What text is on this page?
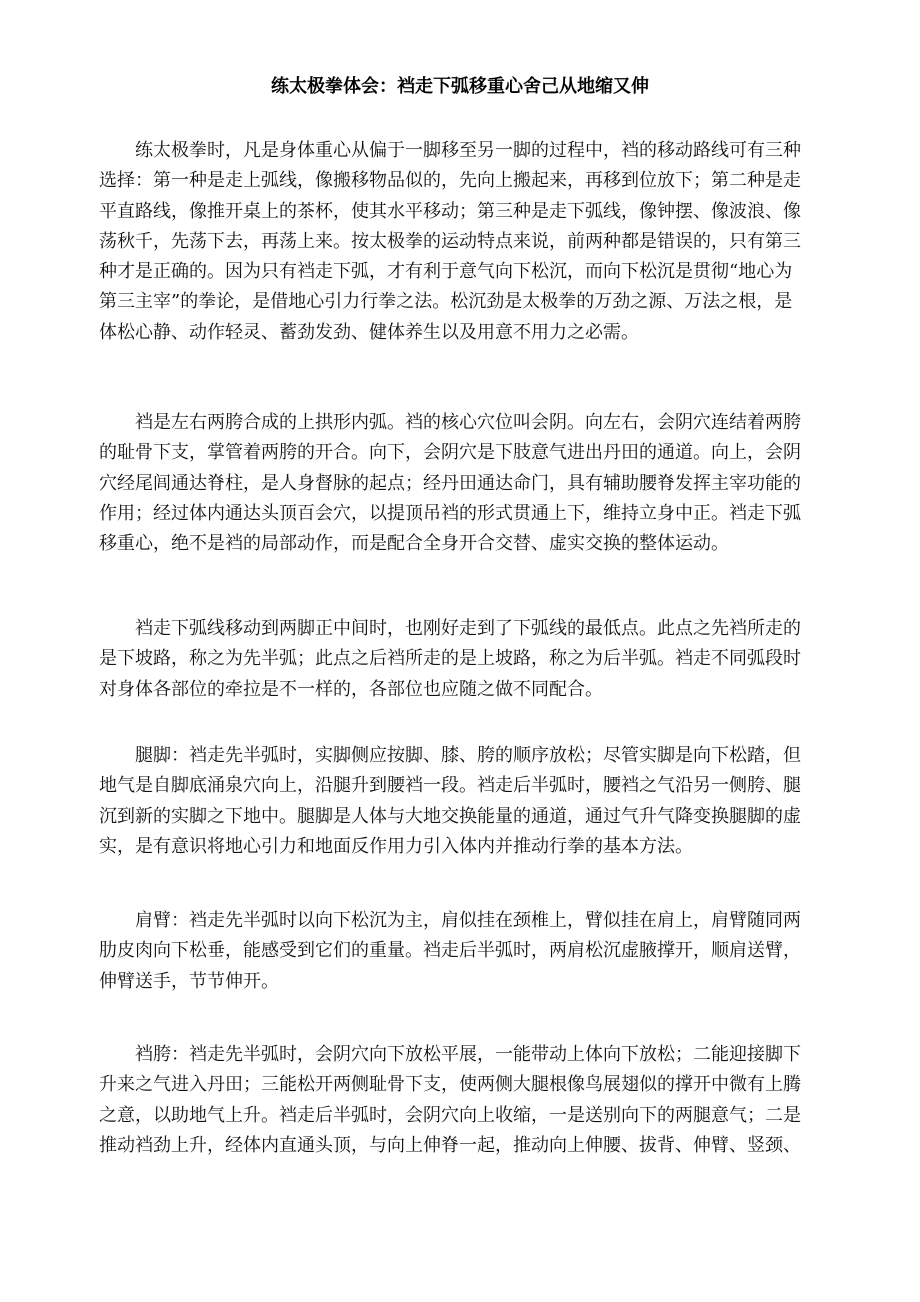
练太极拳体会：裆走下弧移重心舍己从地缩又伸

练太极拳时，凡是身体重心从偏于一脚移至另一脚的过程中，裆的移动路线可有三种
选择：第一种是走上弧线，像搬移物品似的，先向上搬起来，再移到位放下；第二种是走
平直路线，像推开桌上的茶杯，使其水平移动；第三种是走下弧线，像钟摆、像波浪、像
荡秋千，先荡下去，再荡上来。按太极拳的运动特点来说，前两种都是错误的，只有第三
种才是正确的。因为只有裆走下弧，才有利于意气向下松沉，而向下松沉是贯彻“地心为
第三主宰”的拳论，是借地心引力行拳之法。松沉劲是太极拳的万劲之源、万法之根，是
体松心静、动作轻灵、蓄劲发劲、健体养生以及用意不用力之必需。

裆是左右两胯合成的上拱形内弧。裆的核心穴位叫会阴。向左右，会阴穴连结着两胯
的耻骨下支，掌管着两胯的开合。向下，会阴穴是下肢意气进出丹田的通道。向上，会阴
穴经尾闾通达脊柱，是人身督脉的起点；经丹田通达命门，具有辅助腰脊发挥主宰功能的
作用；经过体内通达头顶百会穴，以提顶吊裆的形式贯通上下，维持立身中正。裆走下弧
移重心，绝不是裆的局部动作，而是配合全身开合交替、虚实交换的整体运动。

裆走下弧线移动到两脚正中间时，也刚好走到了下弧线的最低点。此点之先裆所走的
是下坡路，称之为先半弧；此点之后裆所走的是上坡路，称之为后半弧。裆走不同弧段时
对身体各部位的牵拉是不一样的，各部位也应随之做不同配合。

腿脚：裆走先半弧时，实脚侧应按脚、膝、胯的顺序放松；尽管实脚是向下松踏，但
地气是自脚底涌泉穴向上，沿腿升到腰裆一段。裆走后半弧时，腰裆之气沿另一侧胯、腿
沉到新的实脚之下地中。腿脚是人体与大地交换能量的通道，通过气升气降变换腿脚的虚
实，是有意识将地心引力和地面反作用力引入体内并推动行拳的基本方法。

肩臂：裆走先半弧时以向下松沉为主，肩似挂在颈椎上，臂似挂在肩上，肩臂随同两
肋皮肉向下松垂，能感受到它们的重量。裆走后半弧时，两肩松沉虚腋撑开，顺肩送臂，
伸臂送手，节节伸开。

裆胯：裆走先半弧时，会阴穴向下放松平展，一能带动上体向下放松；二能迎接脚下
升来之气进入丹田；三能松开两侧耻骨下支，使两侧大腿根像鸟展翅似的撑开中微有上腾
之意，以助地气上升。裆走后半弧时，会阴穴向上收缩，一是送别向下的两腿意气；二是
推动裆劲上升，经体内直通头顶，与向上伸脊一起，推动向上伸腰、拔背、伸臂、竖颈、
